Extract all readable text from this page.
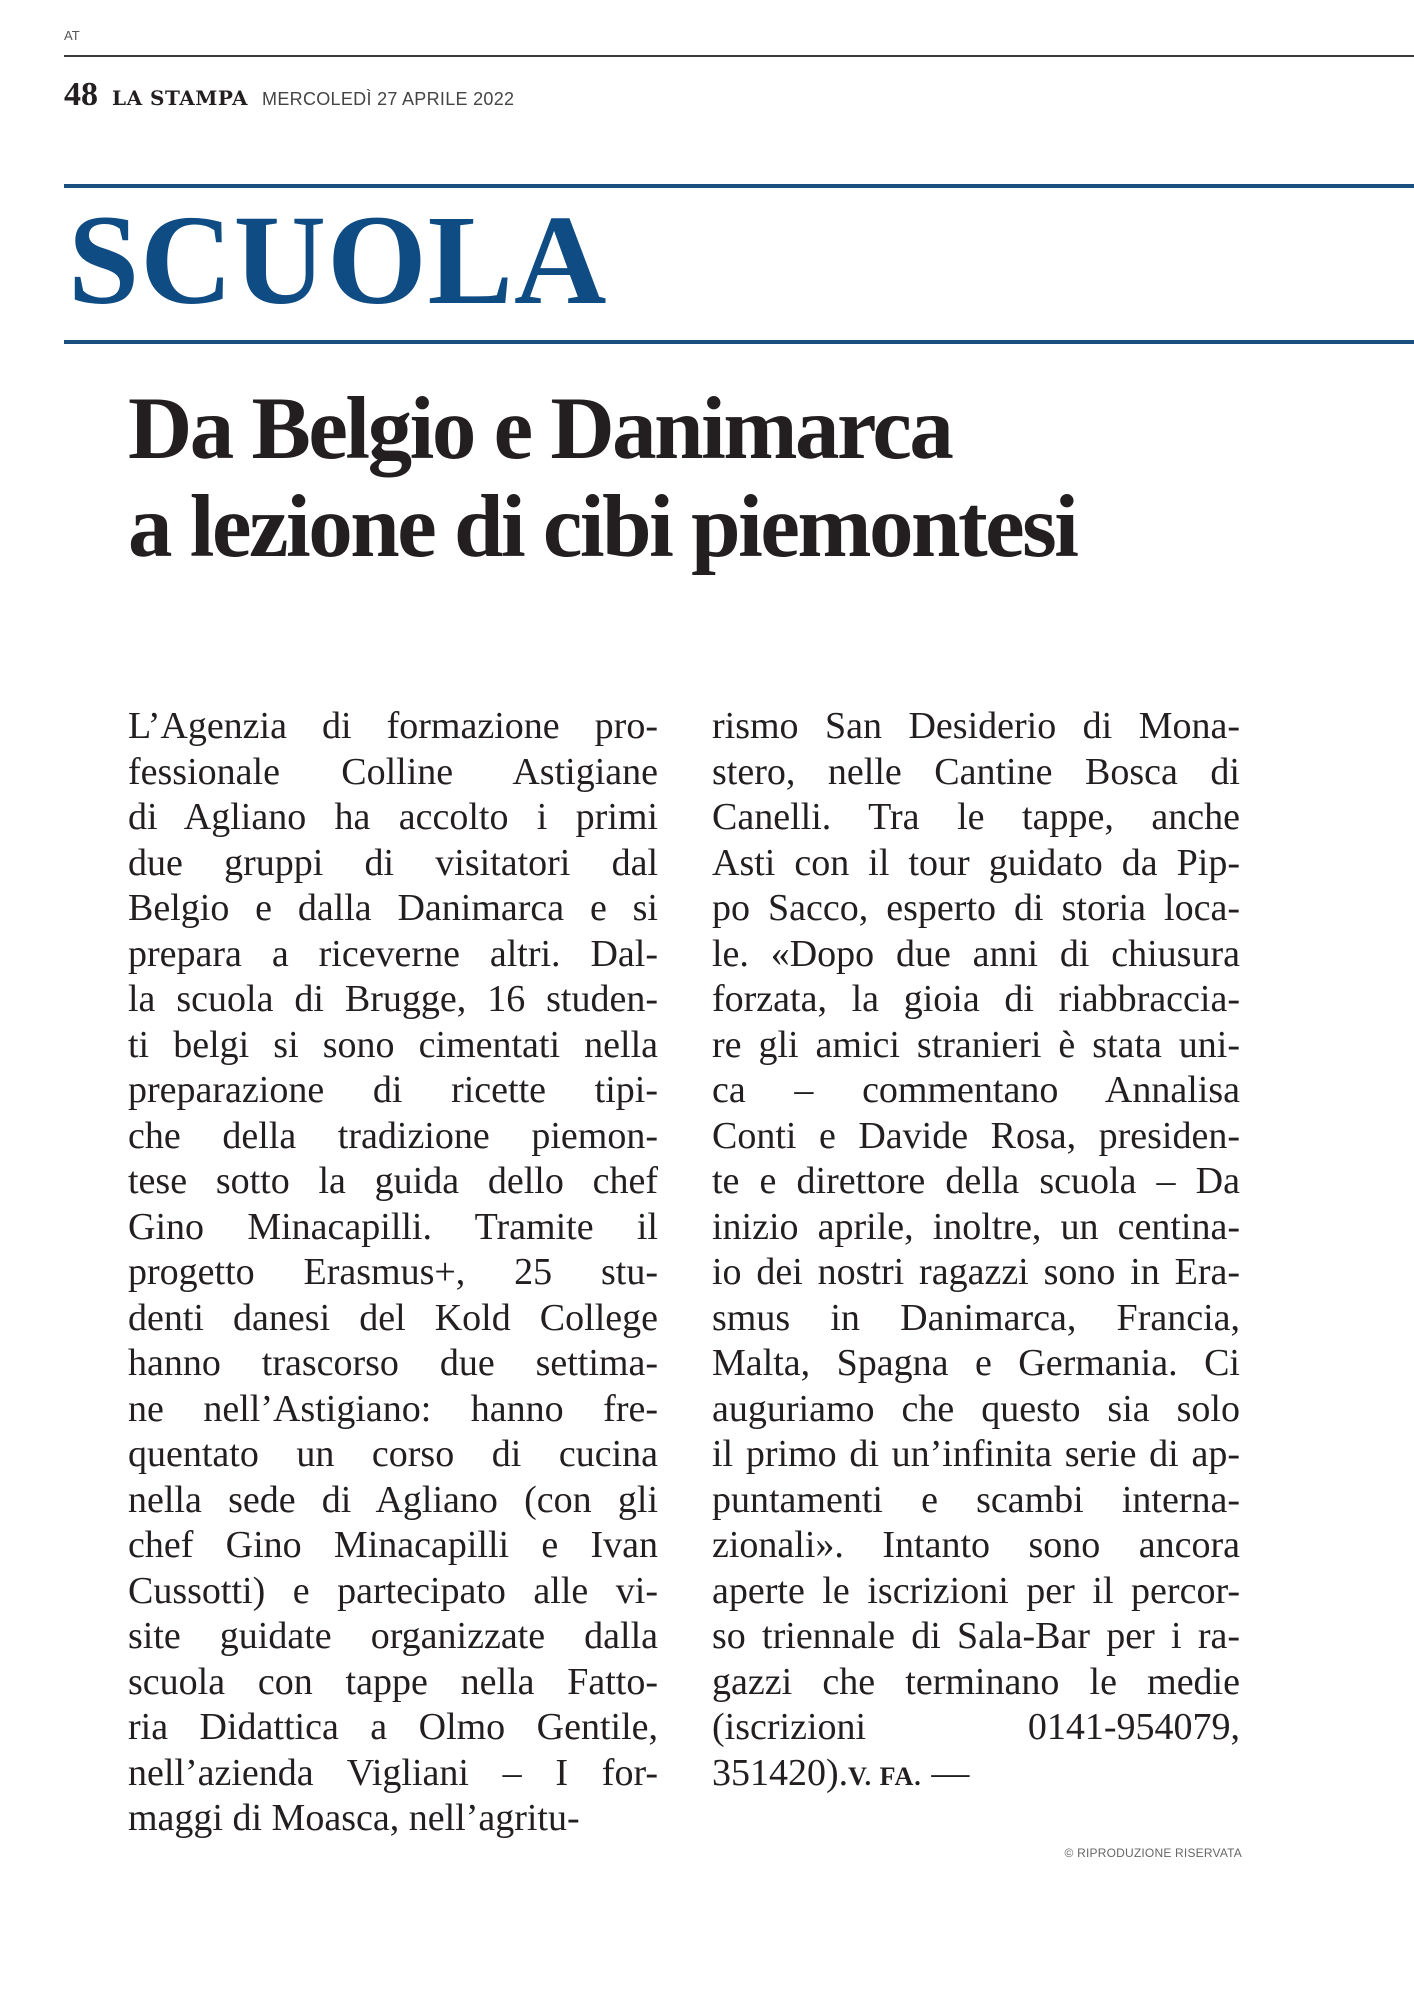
AT
48 LA STAMPA MERCOLEDÌ 27 APRILE 2022
SCUOLA
Da Belgio e Danimarca
a lezione di cibi piemontesi
L’Agenzia di formazione pro-
fessionale Colline Astigiane
di Agliano ha accolto i primi
due gruppi di visitatori dal
Belgio e dalla Danimarca e si
prepara a riceverne altri. Dal-
la scuola di Brugge, 16 studen-
ti belgi si sono cimentati nella
preparazione di ricette tipi-
che della tradizione piemon-
tese sotto la guida dello chef
Gino Minacapilli. Tramite il
progetto Erasmus+, 25 stu-
denti danesi del Kold College
hanno trascorso due settima-
ne nell’Astigiano: hanno fre-
quentato un corso di cucina
nella sede di Agliano (con gli
chef Gino Minacapilli e Ivan
Cussotti) e partecipato alle vi-
site guidate organizzate dalla
scuola con tappe nella Fatto-
ria Didattica a Olmo Gentile,
nell’azienda Vigliani – I for-
maggi di Moasca, nell’agritu-
rismo San Desiderio di Mona-
stero, nelle Cantine Bosca di
Canelli. Tra le tappe, anche
Asti con il tour guidato da Pip-
po Sacco, esperto di storia loca-
le. «Dopo due anni di chiusura
forzata, la gioia di riabbraccia-
re gli amici stranieri è stata uni-
ca – commentano Annalisa
Conti e Davide Rosa, presiden-
te e direttore della scuola – Da
inizio aprile, inoltre, un centina-
io dei nostri ragazzi sono in Era-
smus in Danimarca, Francia,
Malta, Spagna e Germania. Ci
auguriamo che questo sia solo
il primo di un’infinita serie di ap-
puntamenti e scambi interna-
zionali». Intanto sono ancora
aperte le iscrizioni per il percor-
so triennale di Sala-Bar per i ra-
gazzi che terminano le medie
(iscrizioni 0141-954079,
351420).V. FA. —
© RIPRODUZIONE RISERVATA
